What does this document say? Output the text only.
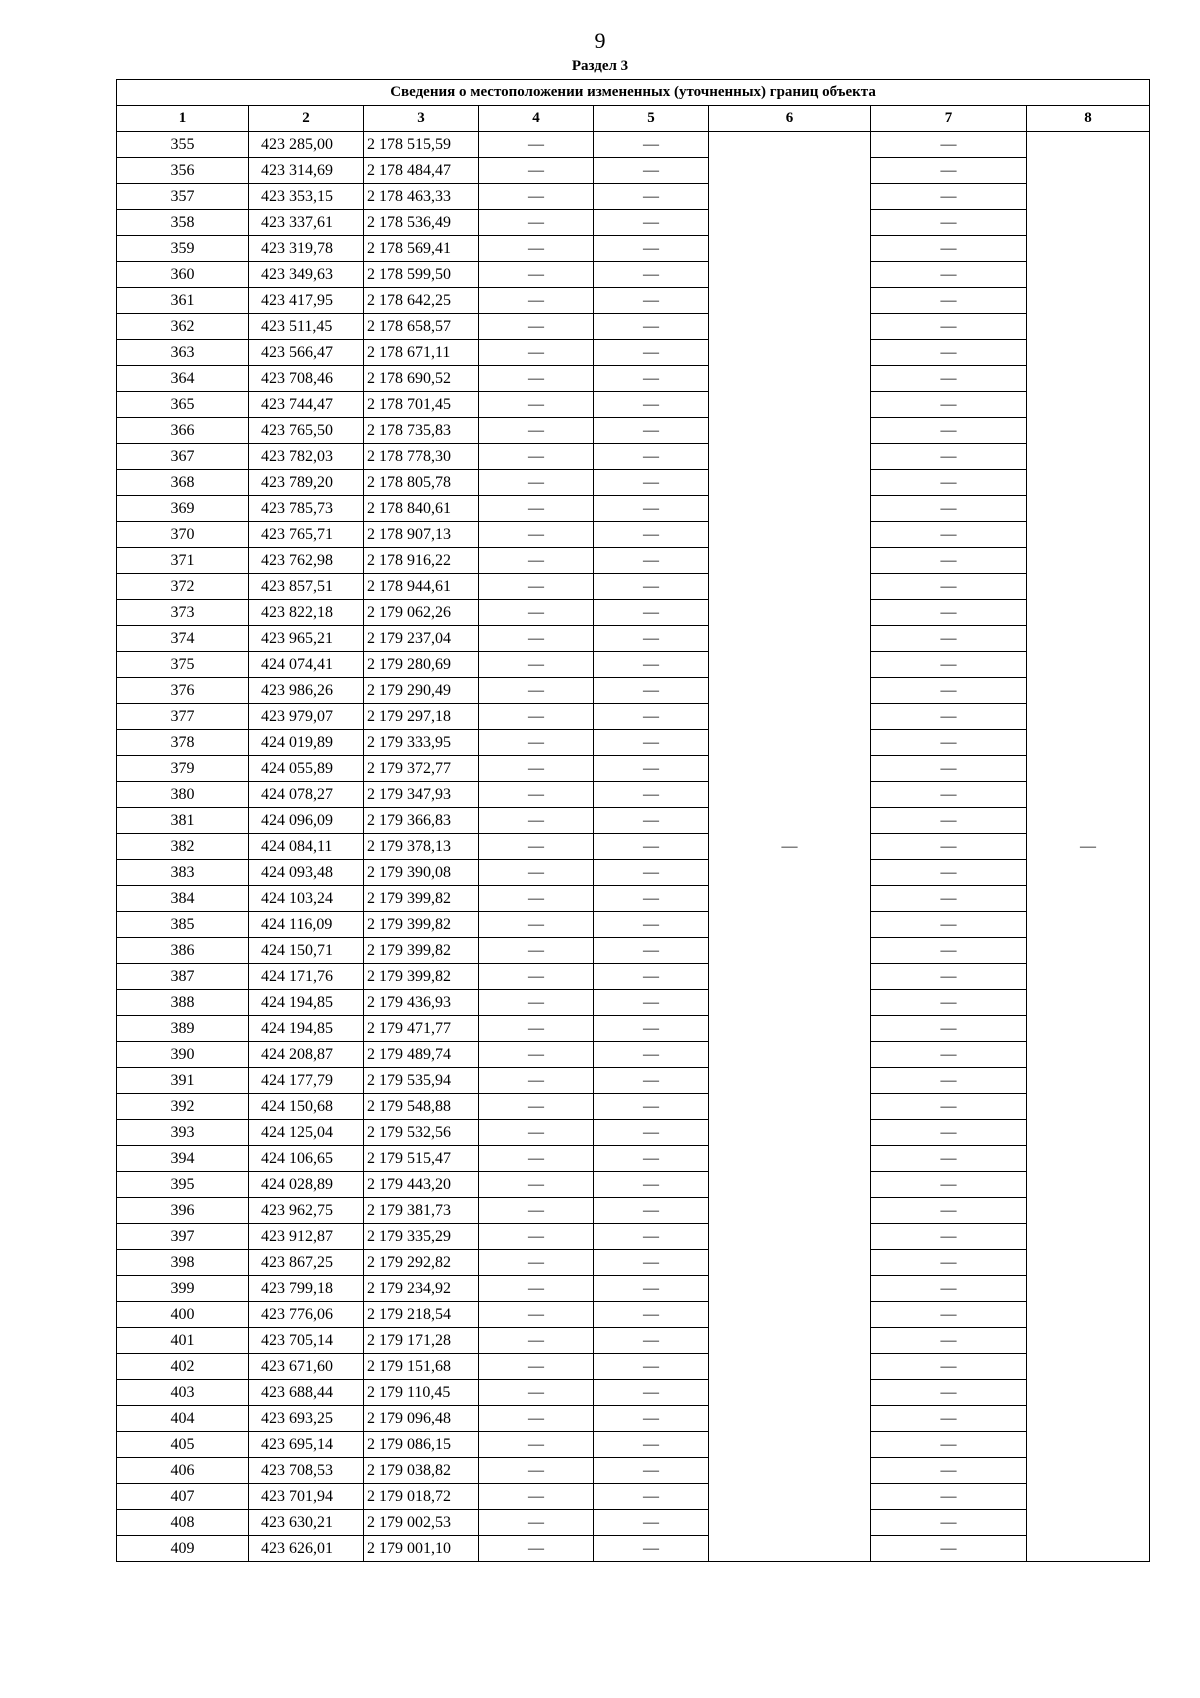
9
Раздел 3
Сведения о местоположении измененных (уточненных) границ объекта							
1	2	3	4	5	6	7	8
355	423 285,00	2 178 515,59	—	—	—	—	—
356	423 314,69	2 178 484,47	—	—		—	
357	423 353,15	2 178 463,33	—	—		—	
358	423 337,61	2 178 536,49	—	—		—	
359	423 319,78	2 178 569,41	—	—		—	
360	423 349,63	2 178 599,50	—	—		—	
361	423 417,95	2 178 642,25	—	—		—	
362	423 511,45	2 178 658,57	—	—		—	
363	423 566,47	2 178 671,11	—	—		—	
364	423 708,46	2 178 690,52	—	—		—	
365	423 744,47	2 178 701,45	—	—		—	
366	423 765,50	2 178 735,83	—	—		—	
367	423 782,03	2 178 778,30	—	—		—	
368	423 789,20	2 178 805,78	—	—		—	
369	423 785,73	2 178 840,61	—	—		—	
370	423 765,71	2 178 907,13	—	—		—	
371	423 762,98	2 178 916,22	—	—		—	
372	423 857,51	2 178 944,61	—	—		—	
373	423 822,18	2 179 062,26	—	—		—	
374	423 965,21	2 179 237,04	—	—		—	
375	424 074,41	2 179 280,69	—	—		—	
376	423 986,26	2 179 290,49	—	—		—	
377	423 979,07	2 179 297,18	—	—		—	
378	424 019,89	2 179 333,95	—	—		—	
379	424 055,89	2 179 372,77	—	—		—	
380	424 078,27	2 179 347,93	—	—		—	
381	424 096,09	2 179 366,83	—	—		—	
382	424 084,11	2 179 378,13	—	—		—	
383	424 093,48	2 179 390,08	—	—		—	
384	424 103,24	2 179 399,82	—	—		—	
385	424 116,09	2 179 399,82	—	—		—	
386	424 150,71	2 179 399,82	—	—		—	
387	424 171,76	2 179 399,82	—	—		—	
388	424 194,85	2 179 436,93	—	—		—	
389	424 194,85	2 179 471,77	—	—		—	
390	424 208,87	2 179 489,74	—	—		—	
391	424 177,79	2 179 535,94	—	—		—	
392	424 150,68	2 179 548,88	—	—		—	
393	424 125,04	2 179 532,56	—	—		—	
394	424 106,65	2 179 515,47	—	—		—	
395	424 028,89	2 179 443,20	—	—		—	
396	423 962,75	2 179 381,73	—	—		—	
397	423 912,87	2 179 335,29	—	—		—	
398	423 867,25	2 179 292,82	—	—		—	
399	423 799,18	2 179 234,92	—	—		—	
400	423 776,06	2 179 218,54	—	—		—	
401	423 705,14	2 179 171,28	—	—		—	
402	423 671,60	2 179 151,68	—	—		—	
403	423 688,44	2 179 110,45	—	—		—	
404	423 693,25	2 179 096,48	—	—		—	
405	423 695,14	2 179 086,15	—	—		—	
406	423 708,53	2 179 038,82	—	—		—	
407	423 701,94	2 179 018,72	—	—		—	
408	423 630,21	2 179 002,53	—	—		—	
409	423 626,01	2 179 001,10	—	—		—	
